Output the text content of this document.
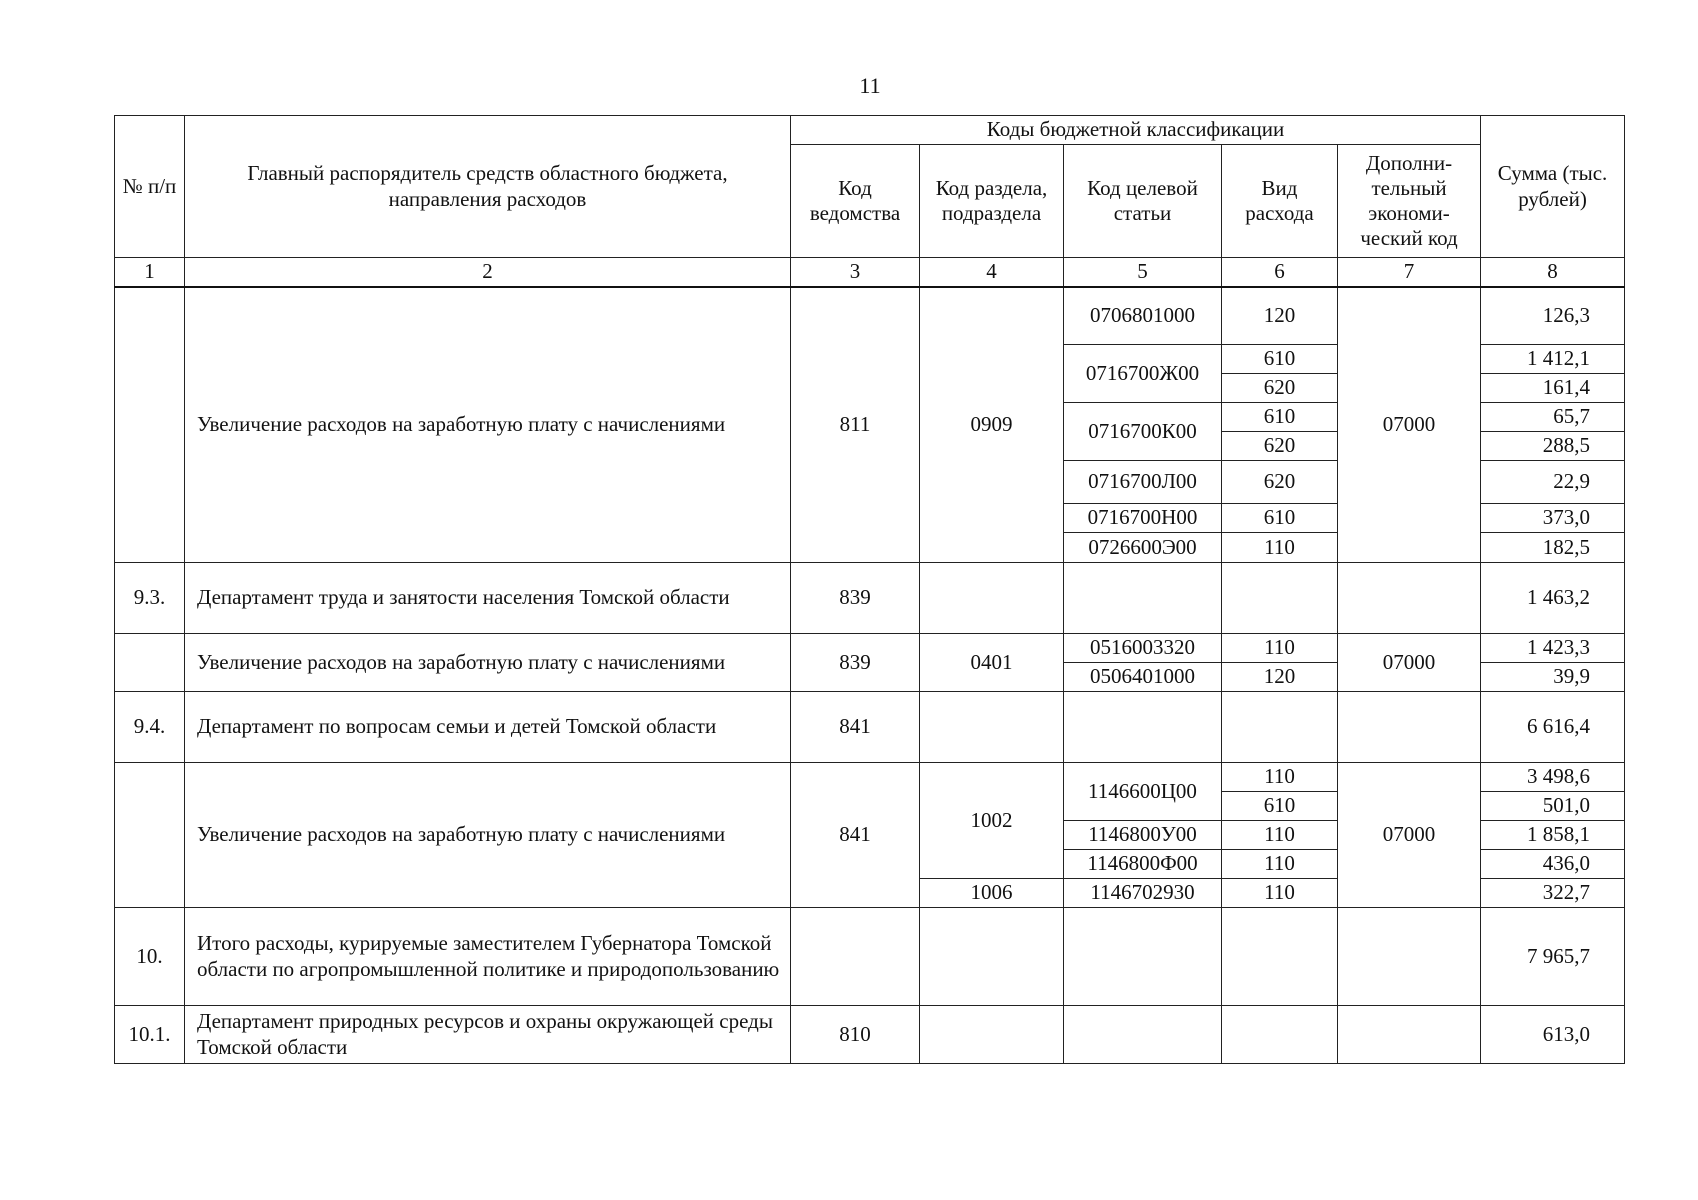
11
№ п/п	Главный распорядитель средств областного бюджета, направления расходов	Коды бюджетной классификации					Сумма (тыс. рублей)
		Код ведомства	Код раздела, подраздела	Код целевой статьи	Вид расхода	Дополни-тельный экономи-ческий код	
1	2	3	4	5	6	7	8
	Увеличение расходов на заработную плату с начислениями	811	0909	0706801000	120	07000	126,3
				0716700Ж00	610		1 412,1
					620		161,4
				0716700К00	610		65,7
					620		288,5
				0716700Л00	620		22,9
				0716700Н00	610		373,0
				0726600Э00	110		182,5
9.3.	Департамент труда и занятости населения Томской области	839					1 463,2
	Увеличение расходов на заработную плату с начислениями	839	0401	0516003320	110	07000	1 423,3
				0506401000	120		39,9
9.4.	Департамент по вопросам семьи и детей Томской области	841					6 616,4
	Увеличение расходов на заработную плату с начислениями	841	1002	1146600Ц00	110	07000	3 498,6
					610		501,0
				1146800У00	110		1 858,1
				1146800Ф00	110		436,0
			1006	1146702930	110		322,7
10.	Итого расходы, курируемые заместителем Губернатора Томской области по агропромышленной политике и природопользованию						7 965,7
10.1.	Департамент природных ресурсов и охраны окружающей среды Томской области	810					613,0
